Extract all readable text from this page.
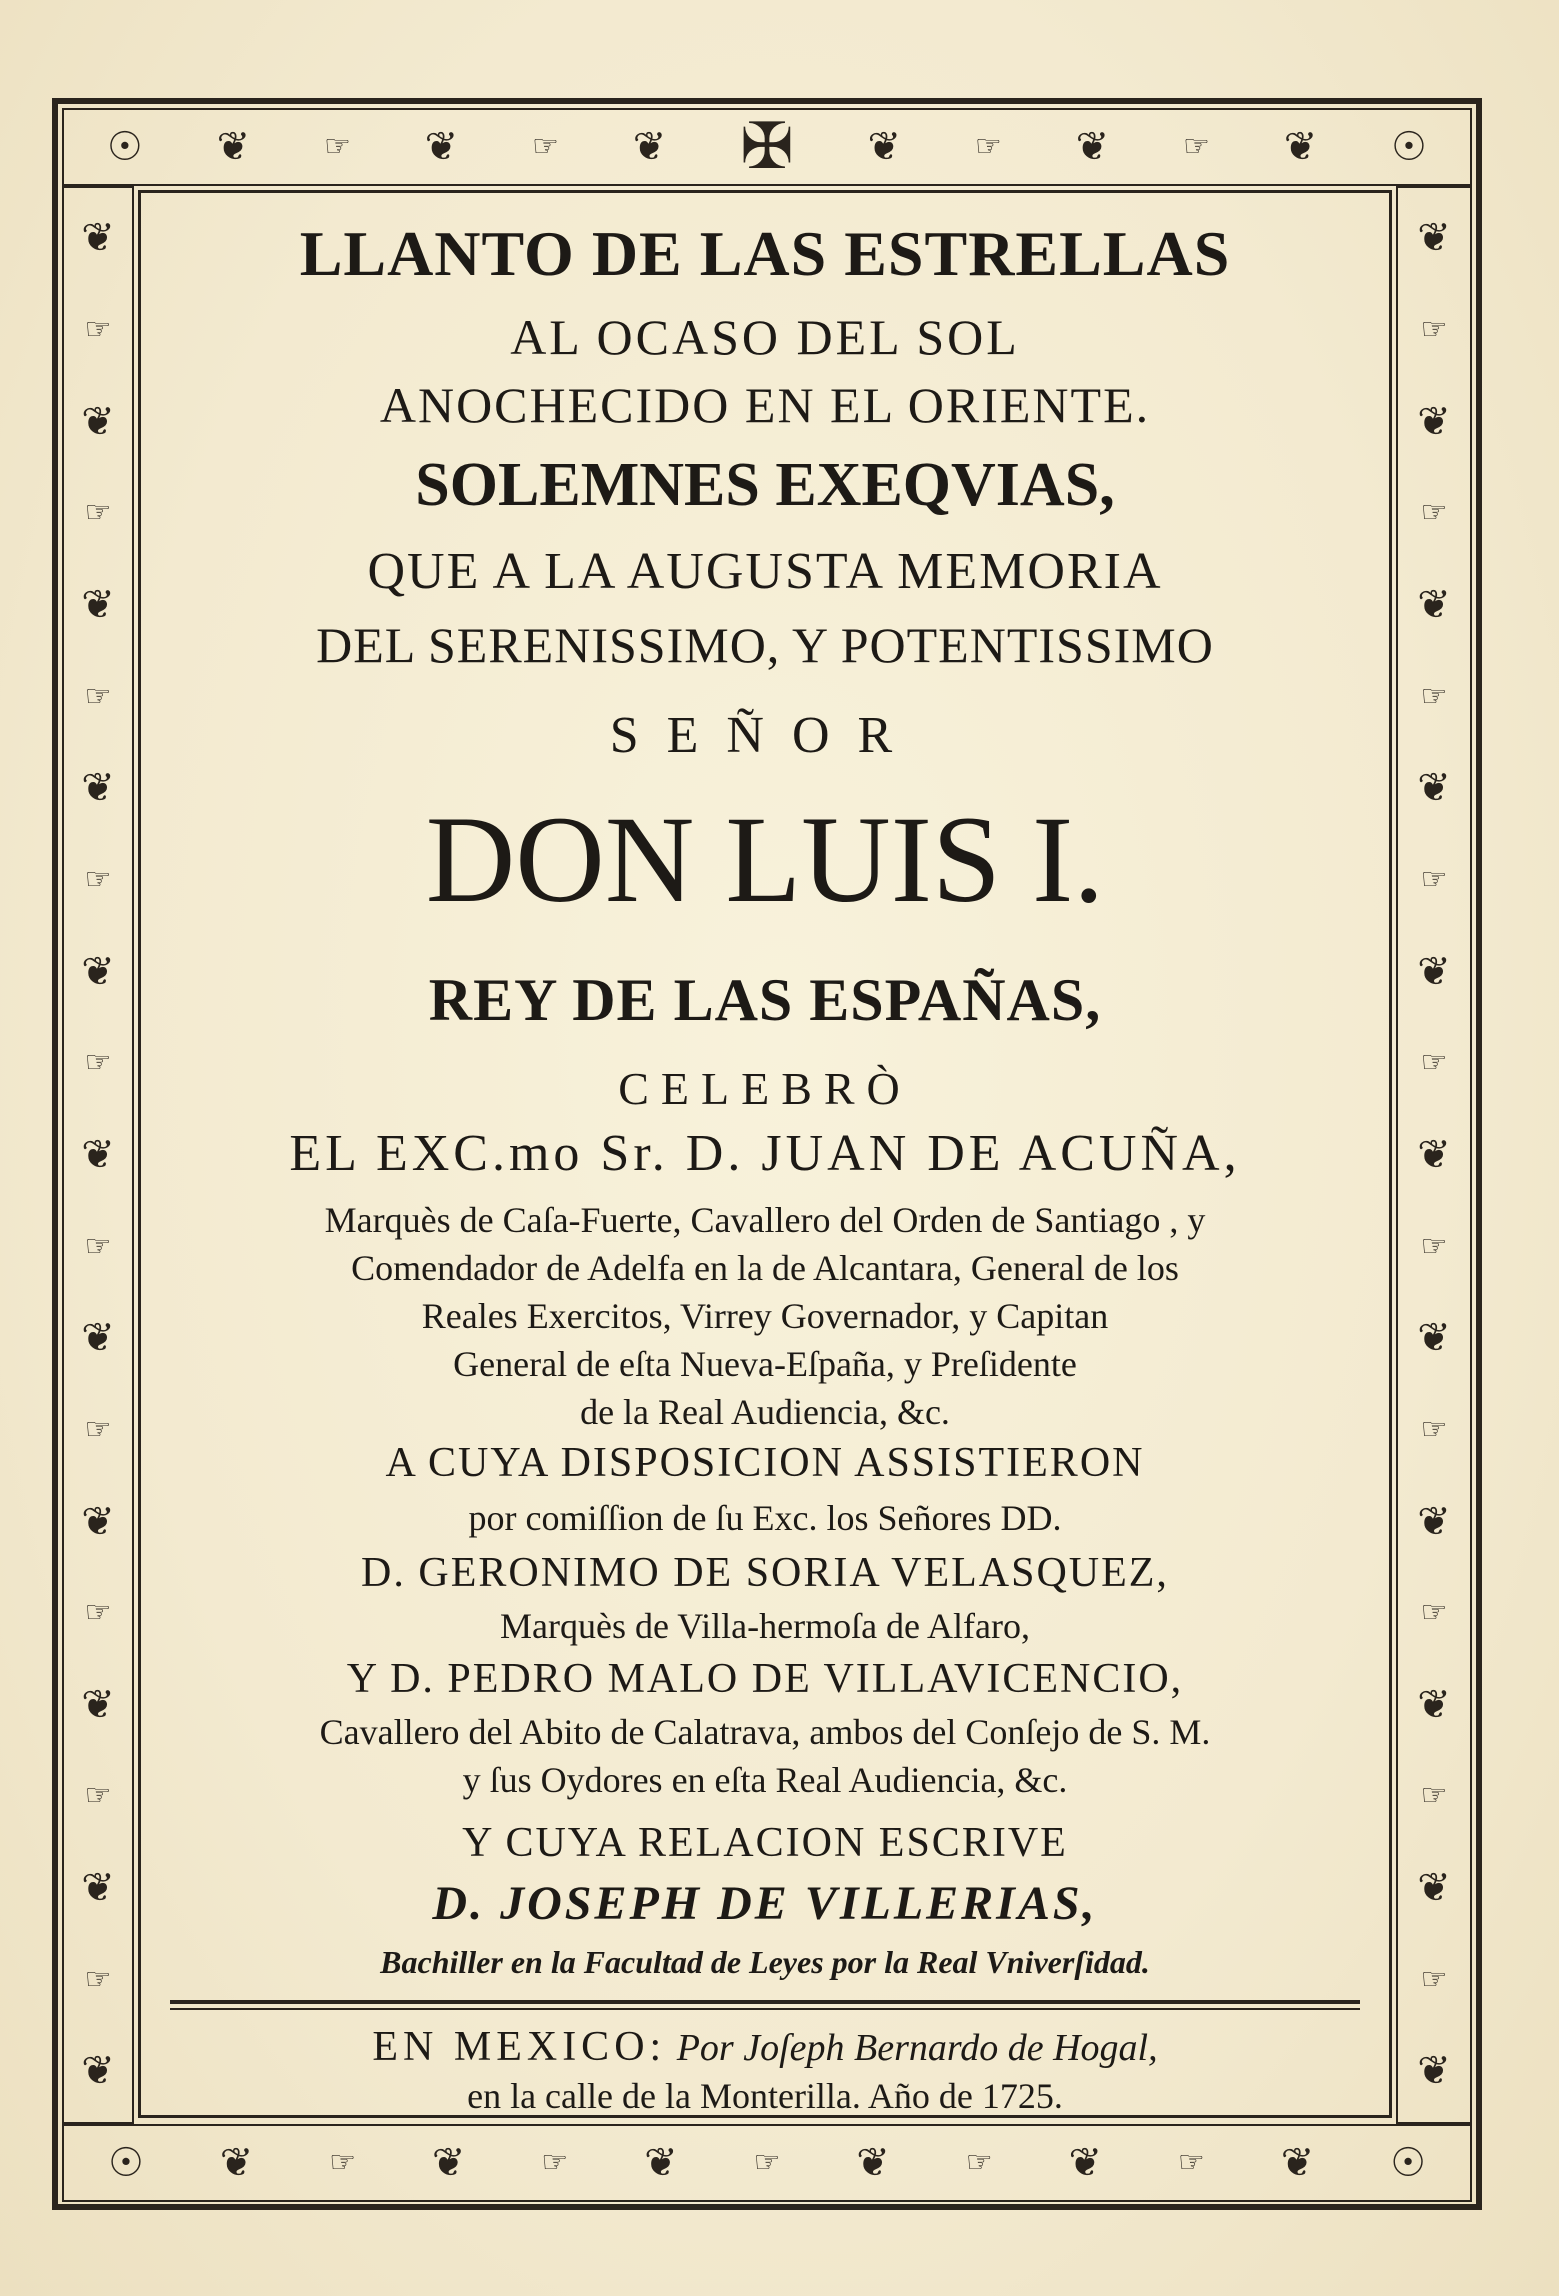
☉ ❦ ☞ ❦ ☞ ❦ ✠ ❦ ☞ ❦ ☞ ❦ ☉
☉ ❦	☞ ❦	☞ ❦	☞ ❦	☞ ❦	☞ ❦ ☉
❦
☞
❦
☞
❦
☞
❦
☞
❦
☞
❦
☞
❦
☞
❦
☞
❦
☞
❦
☞
❦
❦
☞
❦
☞
❦
☞
❦
☞
❦
☞
❦
☞
❦
☞
❦
☞
❦
☞
❦
☞
❦
LLANTO DE LAS ESTRELLAS
AL OCASO DEL SOL
ANOCHECIDO EN EL ORIENTE.
SOLEMNES EXEQVIAS,
QUE A LA AUGUSTA MEMORIA
DEL SERENISSIMO, Y POTENTISSIMO
SEÑOR
DON LUIS I.
REY DE LAS ESPAÑAS,
CELEBRÒ
EL EXC.mo Sr. D. JUAN DE ACUÑA,
Marquès de Caſa-Fuerte, Cavallero del Orden de Santiago , y
Comendador de Adelfa en la de Alcantara, General de los
Reales Exercitos, Virrey Governador, y Capitan
General de eſta Nueva-Eſpaña, y Preſidente
de la Real Audiencia, &c.
A CUYA DISPOSICION ASSISTIERON
por comiſſion de ſu Exc. los Señores DD.
D. GERONIMO DE SORIA VELASQUEZ,
Marquès de Villa-hermoſa de Alfaro,
Y D. PEDRO MALO DE VILLAVICENCIO,
Cavallero del Abito de Calatrava, ambos del Conſejo de S. M.
y ſus Oydores en eſta Real Audiencia, &c.
Y CUYA RELACION ESCRIVE
D. JOSEPH DE VILLERIAS,
Bachiller en la Facultad de Leyes por la Real Vniverſidad.
EN MEXICO: Por Joſeph Bernardo de Hogal,
en la calle de la Monterilla. Año de 1725.
